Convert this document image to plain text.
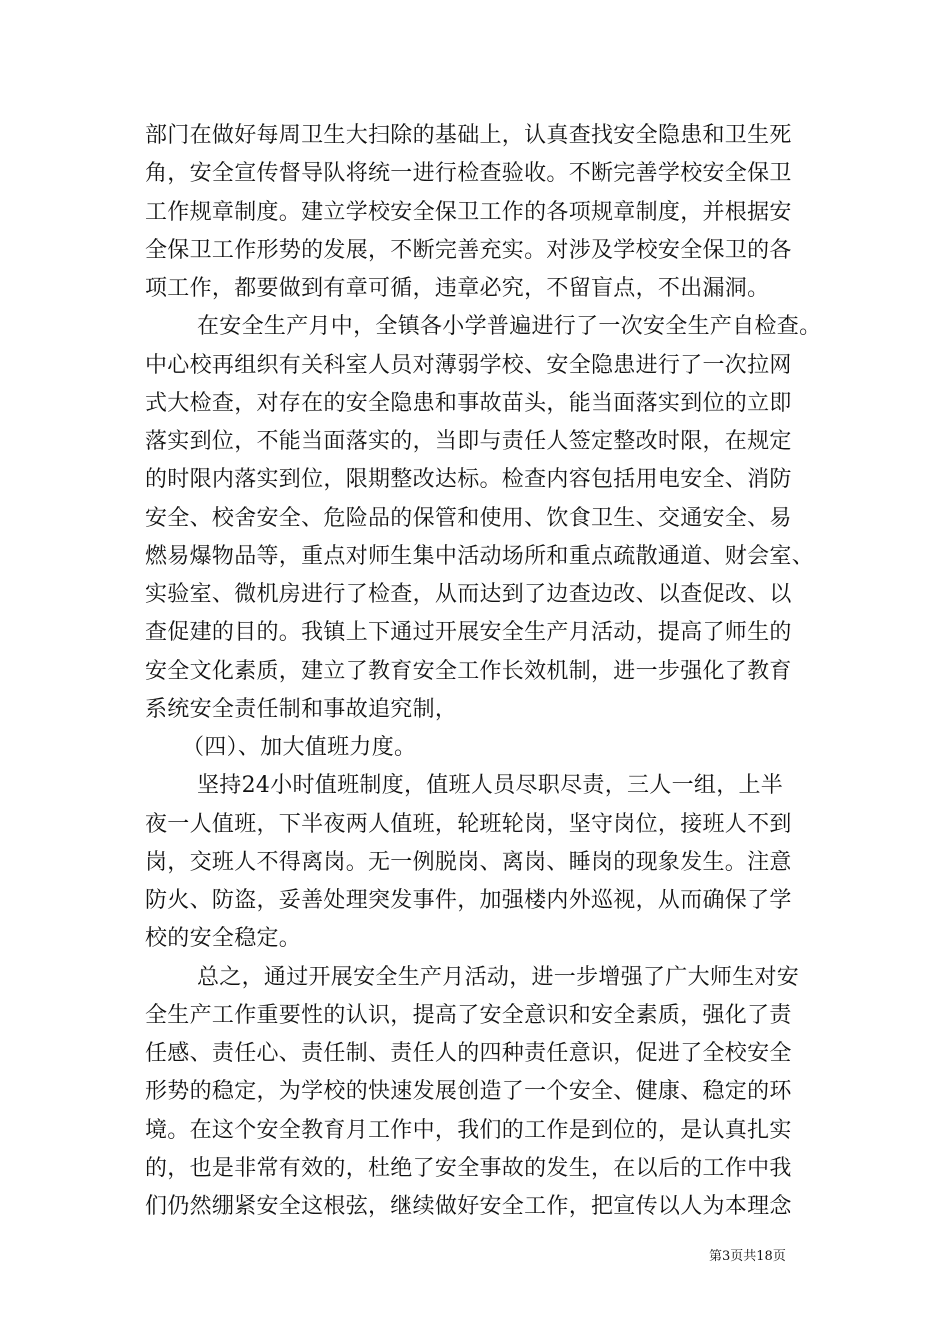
部门在做好每周卫生大扫除的基础上，认真查找安全隐患和卫生死
角，安全宣传督导队将统一进行检查验收。不断完善学校安全保卫
工作规章制度。建立学校安全保卫工作的各项规章制度，并根据安
全保卫工作形势的发展，不断完善充实。对涉及学校安全保卫的各
项工作，都要做到有章可循，违章必究，不留盲点，不出漏洞。
在安全生产月中，全镇各小学普遍进行了一次安全生产自检查。
中心校再组织有关科室人员对薄弱学校、安全隐患进行了一次拉网
式大检查，对存在的安全隐患和事故苗头，能当面落实到位的立即
落实到位，不能当面落实的，当即与责任人签定整改时限，在规定
的时限内落实到位，限期整改达标。检查内容包括用电安全、消防
安全、校舍安全、危险品的保管和使用、饮食卫生、交通安全、易
燃易爆物品等，重点对师生集中活动场所和重点疏散通道、财会室、
实验室、微机房进行了检查，从而达到了边查边改、以查促改、以
查促建的目的。我镇上下通过开展安全生产月活动，提高了师生的
安全文化素质，建立了教育安全工作长效机制，进一步强化了教育
系统安全责任制和事故追究制，
（四）、加大值班力度。
坚持24小时值班制度，值班人员尽职尽责，三人一组，上半
夜一人值班，下半夜两人值班，轮班轮岗，坚守岗位，接班人不到
岗，交班人不得离岗。无一例脱岗、离岗、睡岗的现象发生。注意
防火、防盗，妥善处理突发事件，加强楼内外巡视，从而确保了学
校的安全稳定。
总之，通过开展安全生产月活动，进一步增强了广大师生对安
全生产工作重要性的认识，提高了安全意识和安全素质，强化了责
任感、责任心、责任制、责任人的四种责任意识，促进了全校安全
形势的稳定，为学校的快速发展创造了一个安全、健康、稳定的环
境。在这个安全教育月工作中，我们的工作是到位的，是认真扎实
的，也是非常有效的，杜绝了安全事故的发生，在以后的工作中我
们仍然绷紧安全这根弦，继续做好安全工作，把宣传以人为本理念
第3页共18页
